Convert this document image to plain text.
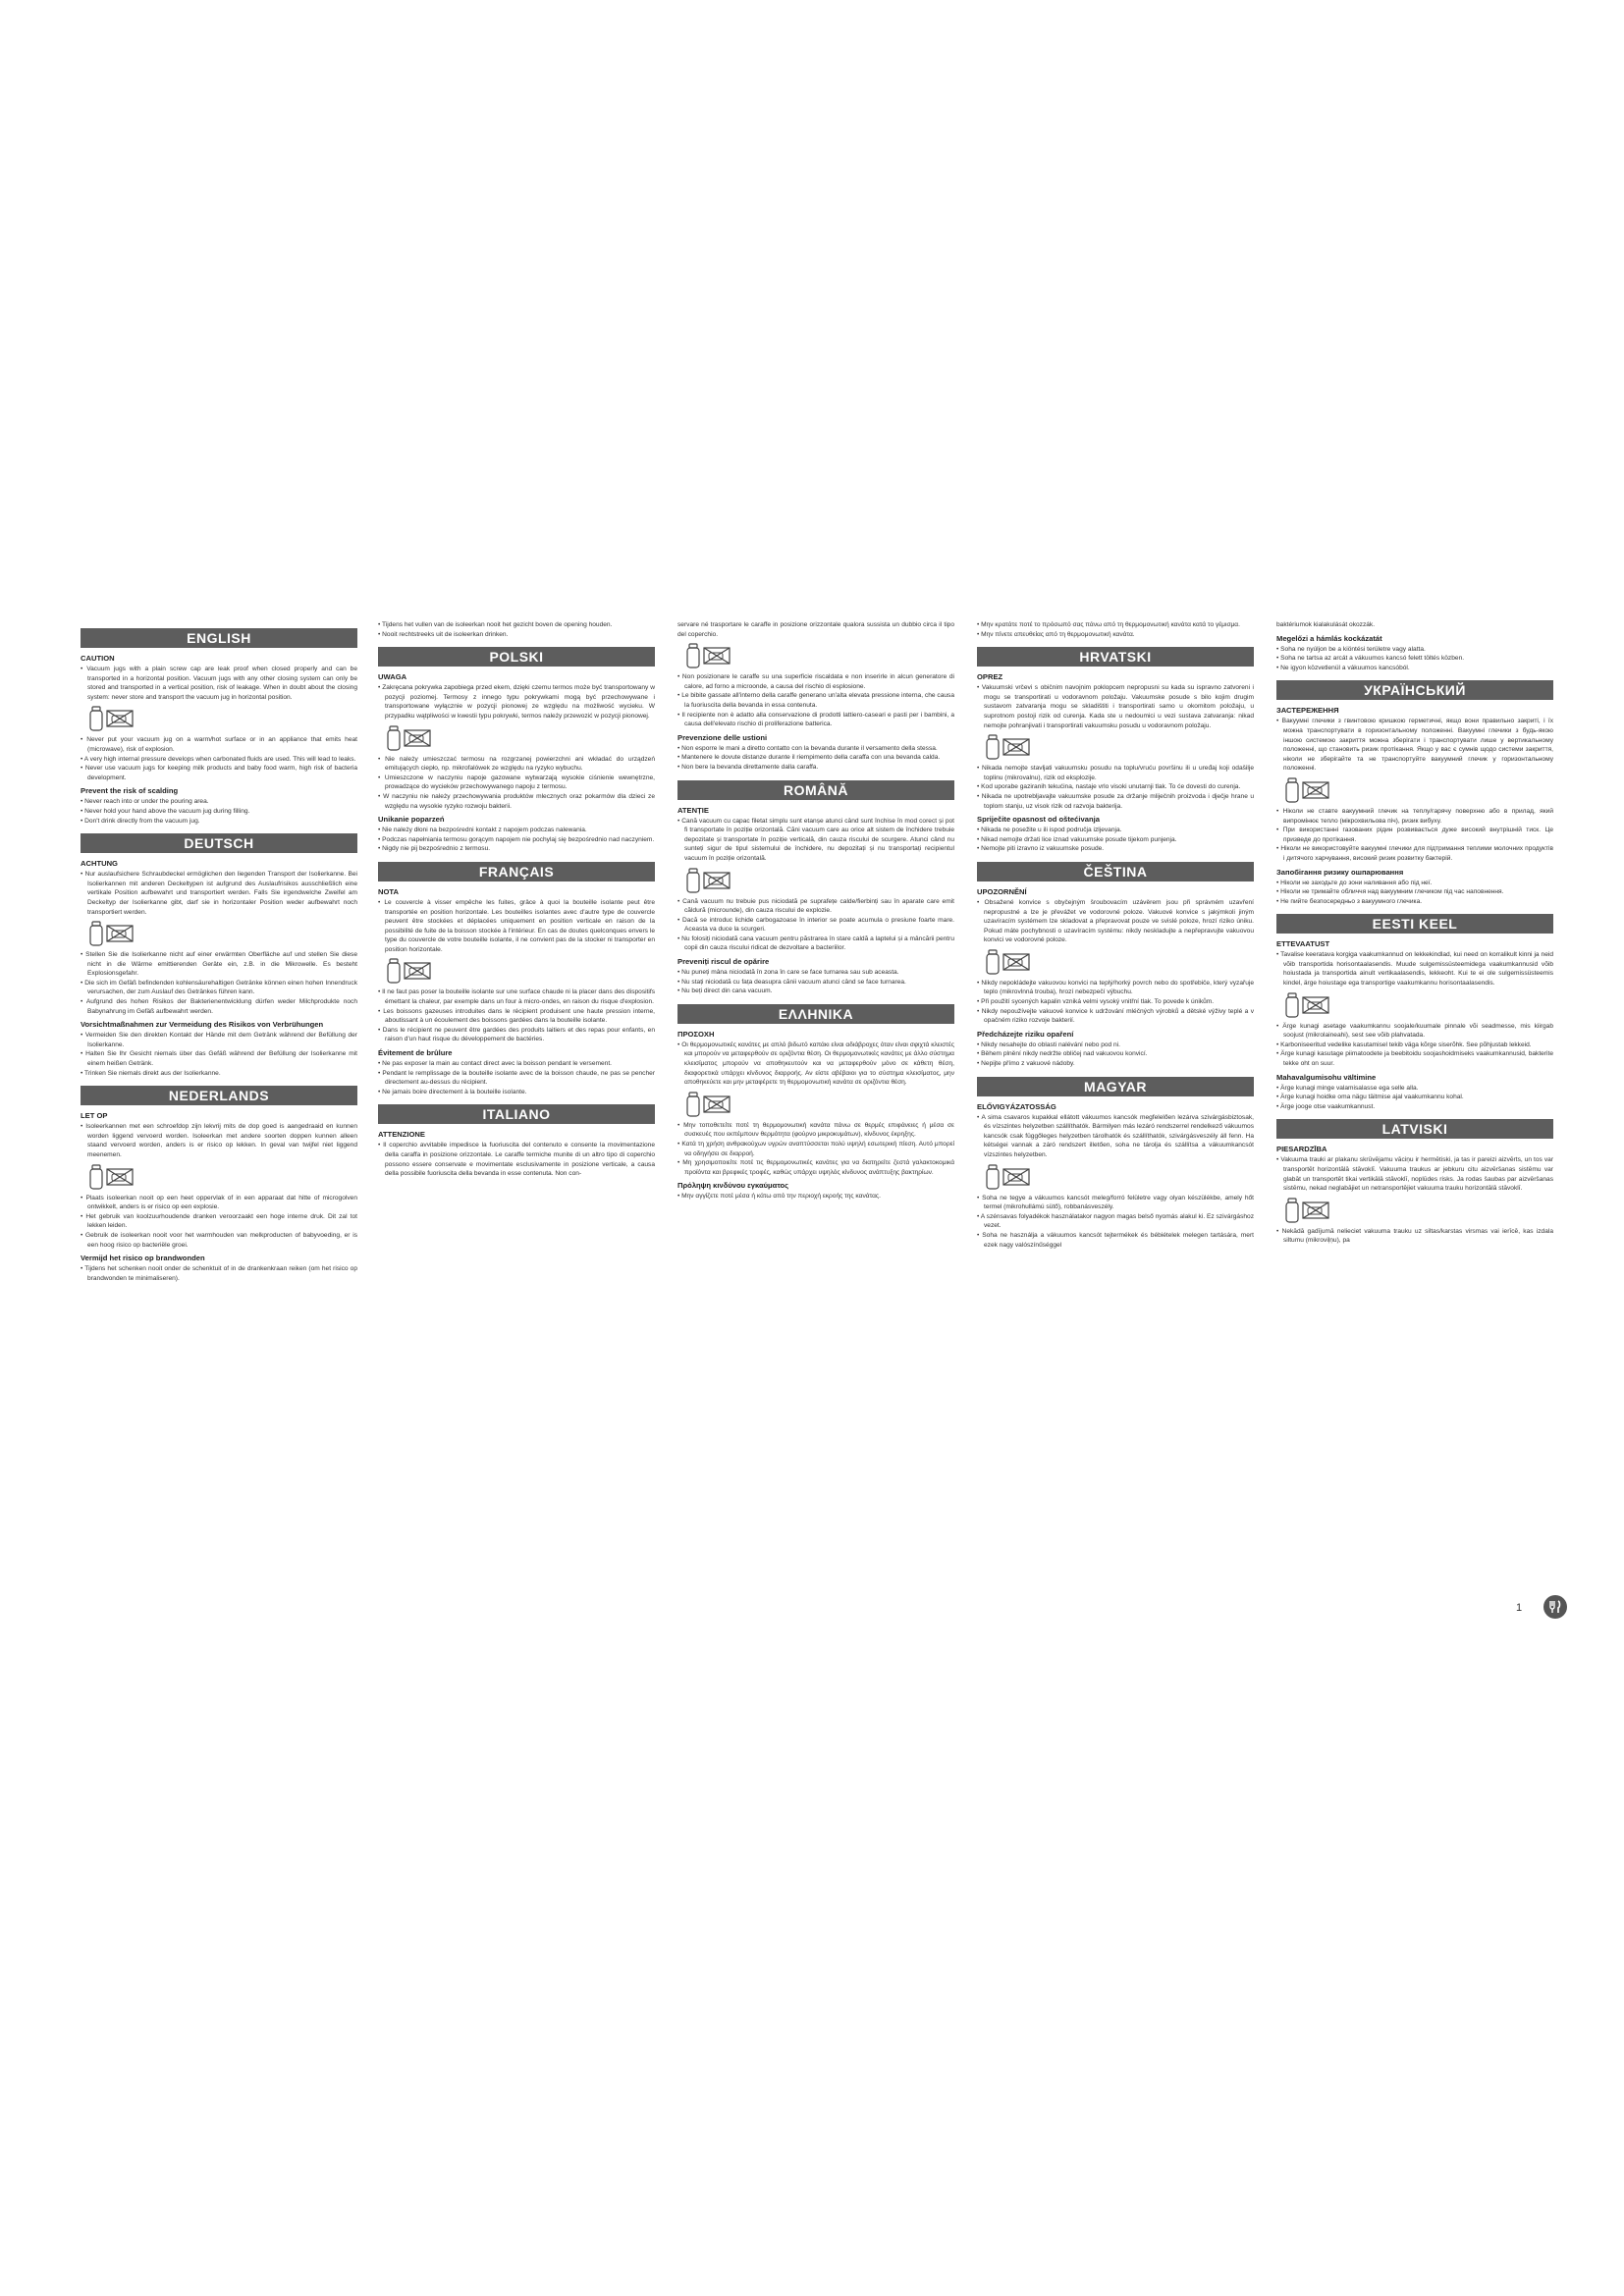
ENGLISH
CAUTION
• Vacuum jugs with a plain screw cap are leak proof when closed properly and can be transported in a horizontal position. Vacuum jugs with any other closing system can only be stored and transported in a vertical position, risk of leakage. When in doubt about the closing system: never store and transport the vacuum jug in horizontal position.
• Never put your vacuum jug on a warm/hot surface or in an appliance that emits heat (microwave), risk of explosion.
• A very high internal pressure develops when carbonated fluids are used. This will lead to leaks.
• Never use vacuum jugs for keeping milk products and baby food warm, high risk of bacteria development.
Prevent the risk of scalding
• Never reach into or under the pouring area.
• Never hold your hand above the vacuum jug during filling.
• Don't drink directly from the vacuum jug.
DEUTSCH
ACHTUNG
• Nur auslaufsichere Schraubdeckel ermöglichen den liegenden Transport der Isolierkanne. Bei Isolierkannen mit anderen Deckeltypen ist aufgrund des Auslaufrisikos ausschließlich eine vertikale Position aufbewahrt und transportiert werden. Falls Sie irgendwelche Zweifel am Deckeltyp der Isolierkanne gibt, darf sie in horizontaler Position weder aufbewahrt noch transportiert werden.
• Stellen Sie die Isolierkanne nicht auf einer erwärmten Oberfläche auf und stellen Sie diese nicht in die Wärme emittierenden Geräte ein, z.B. in die Mikrowelle. Es besteht Explosionsgefahr.
• Die sich im Gefäß befindenden kohlensäurehaltigen Getränke können einen hohen Innendruck verursachen, der zum Auslauf des Getränkes führen kann.
• Aufgrund des hohen Risikos der Bakterienentwicklung dürfen weder Milchprodukte noch Babynahrung im Gefäß aufbewahrt werden.
Vorsichtmaßnahmen zur Vermeidung des Risikos von Verbrühungen
• Vermeiden Sie den direkten Kontakt der Hände mit dem Getränk während der Befüllung der Isolierkanne.
• Halten Sie Ihr Gesicht niemals über das Gefäß während der Befüllung der Isolierkanne mit einem heißen Getränk.
• Trinken Sie niemals direkt aus der Isolierkanne.
NEDERLANDS
LET OP
• Isoleerkannen met een schroefdop zijn lekvrij mits de dop goed is aangedraaid en kunnen worden liggend vervoerd worden. Isoleerkan met andere soorten doppen kunnen alleen staand vervoerd worden, anders is er risico op lekken. In geval van twijfel niet liggend meenemen.
• Plaats isoleerkan nooit op een heet oppervlak of in een apparaat dat hitte of microgolven ontwikkelt, anders is er risico op een explosie.
• Het gebruik van koolzuurhoudende dranken veroorzaakt een hoge interne druk. Dit zal tot lekken leiden.
• Gebruik de isoleerkan nooit voor het warmhouden van melkproducten of babyvoeding, er is een hoog risico op bacteriële groei.
Vermijd het risico op brandwonden
• Tijdens het schenken nooit onder de schenktuit of in de drankenkraan reiken (om het risico op brandwonden te minimaliseren).
• Tijdens het vullen van de isoleerkan nooit het gezicht boven de opening houden.
• Nooit rechtstreeks uit de isoleerkan drinken.
POLSKI
UWAGA
• Zakręcana pokrywka zapobiega przed ekem, dzięki czemu termos może być transportowany w pozycji poziomej. Termosy z innego typu pokrywkami mogą być przechowywane i transportowane wyłącznie w pozycji pionowej ze względu na możliwość wycieku. W przypadku wątpliwości w kwestii typu pokrywki, termos należy przewozić w pozycji pionowej.
• Nie należy umieszczać termosu na rozgrzanej powierzchni ani wkładać do urządzeń emitujących ciepło, np. mikrofalówek ze względu na ryzyko wybuchu.
• Umieszczone w naczyniu napoje gazowane wytwarzają wysokie ciśnienie wewnętrzne, prowadzące do wycieków przechowywanego napoju z termosu.
• W naczyniu nie należy przechowywania produktów mlecznych oraz pokarmów dla dzieci ze względu na wysokie ryzyko rozwoju bakterii.
Unikanie poparzeń
• Nie należy dłoni na bezpośredni kontakt z napojem podczas nalewania.
• Podczas napełniania termosu gorącym napojem nie pochylaj się bezpośrednio nad naczyniem.
• Nigdy nie pij bezpośrednio z termosu.
FRANÇAIS
NOTA
• Le couvercle à visser empêche les fuites, grâce à quoi la bouteille isolante peut être transportée en position horizontale. Les bouteilles isolantes avec d'autre type de couvercle peuvent être stockées et déplacées uniquement en position verticale en raison de la possibilité de fuite de la boisson stockée à l'intérieur. En cas de doutes quelconques envers le type du couvercle de votre bouteille isolante, il ne convient pas de la stocker ni transporter en position horizontale.
• Il ne faut pas poser la bouteille isolante sur une surface chaude ni la placer dans des dispositifs émettant la chaleur, par exemple dans un four à micro-ondes, en raison du risque d'explosion.
• Les boissons gazeuses introduites dans le récipient produisent une haute pression interne, aboutissant à un écoulement des boissons gardées dans la bouteille isolante.
• Dans le récipient ne peuvent être gardées des produits laitiers et des repas pour enfants, en raison d'un haut risque du développement de bactéries.
Évitement de brûlure
• Ne pas exposer la main au contact direct avec la boisson pendant le versement.
• Pendant le remplissage de la bouteille isolante avec de la boisson chaude, ne pas se pencher directement au-dessus du récipient.
• Ne jamais boire directement à la bouteille isolante.
ITALIANO
ATTENZIONE
• Il coperchio avvitabile impedisce la fuoriuscita del contenuto e consente la movimentazione della caraffa in posizione orizzontale. Le caraffe termiche munite di un altro tipo di coperchio possono essere conservate e movimentate esclusivamente in posizione verticale, a causa della possibile fuoriuscita della bevanda in esse contenuta. Non con-
servare né trasportare le caraffe in posizione orizzontale qualora sussista un dubbio circa il tipo del coperchio.
• Non posizionare le caraffe su una superficie riscaldata e non inserirle in alcun generatore di calore, ad forno a microonde, a causa del rischio di esplosione.
• Le bibite gassate all'interno della caraffe generano un'alta elevata pressione interna, che causa la fuoriuscita della bevanda in essa contenuta.
• Il recipiente non è adatto alla conservazione di prodotti lattiero-caseari e pasti per i bambini, a causa dell'elevato rischio di proliferazione batterica.
Prevenzione delle ustioni
• Non esporre le mani a diretto contatto con la bevanda durante il versamento della stessa.
• Mantenere le dovute distanze durante il riempimento della caraffa con una bevanda calda.
• Non bere la bevanda direttamente dalla caraffa.
ROMÂNĂ
ATENȚIE
• Cană vacuum cu capac filetat simplu sunt etanșe atunci când sunt închise în mod corect și pot fi transportate în poziție orizontală. Căni vacuum care au orice alt sistem de închidere trebuie depozitate și transportate în poziție verticală, din cauza riscului de scurgere. Atunci când nu sunteți sigur de tipul sistemului de închidere, nu depozitați și nu transportați recipientul vacuum în poziție orizontală.
• Cană vacuum nu trebuie pus niciodată pe suprafețe calde/fierbinți sau în aparate care emit căldură (microunde), din cauza riscului de explozie.
• Dacă se introduc lichide carbogazoase în interior se poate acumula o presiune foarte mare. Aceasta va duce la scurgeri.
• Nu folosiți niciodată cana vacuum pentru păstrarea în stare caldă a laptelui și a mâncării pentru copii din cauza riscului ridicat de dezvoltare a bacteriilor.
Preveniți riscul de opărire
• Nu puneți mâna niciodată în zona în care se face turnarea sau sub aceasta.
• Nu stați niciodată cu fața deasupra cănii vacuum atunci când se face turnarea.
• Nu beți direct din cana vacuum.
ΕΛΛΗΝΙΚΑ
ΠΡΟΣΟΧΗ
• Οι θερμομονωτικές κανάτες με απλό βιδωτό καπάκι είναι αδιάβροχες όταν είναι σφιχτά κλειστές και μπορούν να μεταφερθούν σε οριζόντια θέση. Οι θερμομονωτικές κανάτες με άλλο σύστημα κλεισίματος μπορούν να αποθηκευτούν και να μεταφερθούν μόνο σε κάθετη θέση, διαφορετικά υπάρχει κίνδυνος διαρροής. Αν είστε αβέβαιοι για το σύστημα κλεισίματος, μην αποθηκεύετε και μην μεταφέρετε τη θερμομονωτική κανάτα σε οριζόντια θέση.
• Μην τοποθετείτε ποτέ τη θερμομονωτική κανάτα πάνω σε θερμές επιφάνειες ή μέσα σε συσκευές που εκπέμπουν θερμότητα (φούρνο μικροκυμάτων), κίνδυνος έκρηξης.
• Κατά τη χρήση ανθρακούχων υγρών αναπτύσσεται πολύ υψηλή εσωτερική πίεση. Αυτό μπορεί να οδηγήσει σε διαρροή.
• Μη χρησιμοποιείτε ποτέ τις θερμομονωτικές κανάτες για να διατηρείτε ζεστά γαλακτοκομικά προϊόντα και βρεφικές τροφές, καθώς υπάρχει υψηλός κίνδυνος ανάπτυξης βακτηρίων.
Πρόληψη κινδύνου εγκαύματος
• Μην αγγίζετε ποτέ μέσα ή κάτω από την περιοχή εκροής της κανάτας.
• Μην κρατάτε ποτέ το πρόσωπό σας πάνω από τη θερμομονωτική κανάτα κατά το γέμισμα.
• Μην πίνετε απευθείας από τη θερμομονωτική κανάτα.
HRVATSKI
OPREZ
• Vakuumski vrčevi s običnim navojnim poklopcem nepropusni su kada su ispravno zatvoreni i mogu se transportirati u vodoravnom položaju. Vakuumske posude s bilo kojim drugim sustavom zatvaranja mogu se skladištiti i transportirati samo u okomitom položaju, u suprotnom postoji rizik od curenja. Kada ste u nedoumici u vezi sustava zatvaranja: nikad nemojte pohranjivati i transportirati vakuumsku posudu u vodoravnom položaju.
• Nikada nemojte stavljati vakuumsku posudu na toplu/vruću površinu ili u uređaj koji odašilje toplinu (mikrovalnu), rizik od eksplozije.
• Kod uporabe gaziranih tekućina, nastaje vrlo visoki unutarnji tlak. To će dovesti do curenja.
• Nikada ne upotrebljavajte vakuumske posude za držanje mliječnih proizvoda i dječje hrane u toplom stanju, uz visok rizik od razvoja bakterija.
Spriječite opasnost od oštećivanja
• Nikada ne posežite u ili ispod područja izljevanja.
• Nikad nemojte držati lice iznad vakuumske posude tijekom punjenja.
• Nemojte piti izravno iz vakuumske posude.
ČEŠTINA
UPOZORNĚNÍ
• Obsažené konvice s obyčejným šroubovacím uzávěrem jsou při správném uzavření nepropustné a lze je převážet ve vodorovné poloze. Vakuové konvice s jakýmkoli jiným uzavíracím systémem lze skladovat a přepravovat pouze ve svislé poloze, hrozí riziko úniku. Pokud máte pochybnosti o uzavíracím systému: nikdy neskladujte a nepřepravujte vakuovou konvici ve vodorovné poloze.
• Nikdy nepokládejte vakuovou konvici na teplý/horký povrch nebo do spotřebiče, který vyzařuje teplo (mikrovlnná trouba), hrozí nebezpečí výbuchu.
• Při použití sycených kapalin vzniká velmi vysoký vnitřní tlak. To povede k únikům.
• Nikdy nepoužívejte vakuové konvice k udržování mléčných výrobků a dětské výživy teplé a v opačném riziko rozvoje bakterií.
Předcházejte riziku opaření
• Nikdy nesahejte do oblasti nalévání nebo pod ni.
• Během plnění nikdy nedržte obličej nad vakuovou konvicí.
• Nepijte přímo z vakuové nádoby.
MAGYAR
ELŐVIGYÁZATOSSÁG
• A sima csavaros kupakkal ellátott vákuumos kancsók megfelelően lezárva szivárgásbiztosak, és vízszintes helyzetben szállíthatók. Bármilyen más lezáró rendszerrel rendelkező vákuumos kancsók csak függőleges helyzetben tárolhatók és szállíthatók, szivárgásveszély áll fenn. Ha kétségei vannak a záró rendszert illetően, soha ne tárolja és szállítsa a vákuumkancsót vízszintes helyzetben.
• Soha ne tegye a vákuumos kancsót meleg/forró felületre vagy olyan készülékbe, amely hőt termel (mikrohullámú sütő), robbanásveszély.
• A szénsavas folyadékok használatakor nagyon magas belső nyomás alakul ki. Ez szivárgáshoz vezet.
• Soha ne használja a vákuumos kancsót tejtermékek és bébiételek melegen tartására, mert ezek nagy valószínűséggel
baktériumok kialakulását okozzák.
Megelőzi a hámlás kockázatát
• Soha ne nyúljon be a kiöntési területre vagy alatta.
• Soha ne tartsa az arcát a vákuumos kancsó felett töltés közben.
• Ne igyon közvetlenül a vákuumos kancsóból.
УКРАЇНСЬКИЙ
ЗАСТЕРЕЖЕННЯ
• Вакуумні глечики з гвинтовою кришкою герметичні, якщо вони правильно закриті, і їх можна транспортувати в горизонтальному положенні. Вакуумні глечики з будь-якою іншою системою закриття можна зберігати і транспортувати лише у вертикальному положенні, що становить ризик протікання. Якщо у вас є сумнів щодо системи закриття, ніколи не зберігайте та не транспортуйте вакуумний глечик у горизонтальному положенні.
• Ніколи не ставте вакуумний глечик на теплу/гарячу поверхню або в прилад, який випромінює тепло (мікрохвильова піч), ризик вибуху.
• При використанні газованих рідин розвивається дуже високий внутрішній тиск. Це призведе до протікання.
• Ніколи не використовуйте вакуумні глечики для підтримання теплими молочних продуктів і дитячого харчування, високий ризик розвитку бактерій.
Запобігання ризику ошпарювання
• Ніколи не заходьте до зони наливання або під неї.
• Ніколи не тримайте обличчя над вакуумним глечиком під час наповнення.
• Не пийте безпосередньо з вакуумного глечика.
EESTI KEEL
ETTEVAATUST
• Tavalise keeratava korgiga vaakumkannud on lekkekindlad, kui need on korralikult kinni ja neid võib transportida horisontaalasendis. Muude sulgemissüsteemidega vaakumkannusid võib hoiustada ja transportida ainult vertikaalasendis, lekkeoht. Kui te ei ole sulgemissüsteemis kindel, ärge hoiustage ega transportige vaakumkannu horisontaalasendis.
• Ärge kunagi asetage vaakumkannu soojale/kuumale pinnale või seadmesse, mis kiirgab soojust (mikrolaineahi), sest see võib plahvatada.
• Karboniseeritud vedelike kasutamisel tekib väga kõrge siserõhk. See põhjustab lekkeid.
• Ärge kunagi kasutage piimatoodete ja beebitoidu soojashoidmiseks vaakumkannusid, bakterite tekke oht on suur.
Mahavalgumisohu vältimine
• Ärge kunagi minge valamisalasse ega selle alla.
• Ärge kunagi hoidke oma nägu täitmise ajal vaakumkannu kohal.
• Ärge jooge otse vaakumkannust.
LATVISKI
PIESARDZĪBA
• Vakuuma trauki ar plakanu skrūvējamu vāciņu ir hermētiski, ja tas ir pareizi aizvērts, un tos var transportēt horizontālā stāvoklī. Vakuuma traukus ar jebkuru citu aizvēršanas sistēmu var glabāt un transportēt tikai vertikālā stāvoklī, noplūdes risks. Ja rodas šaubas par aizvēršanas sistēmu, nekad neglabājiet un netransportējiet vakuuma trauku horizontālā stāvoklī.
• Nekādā gadījumā nelieciet vakuuma trauku uz siltas/karstas virsmas vai ierīcē, kas izdala siltumu (mikroviļņu), pa
1
